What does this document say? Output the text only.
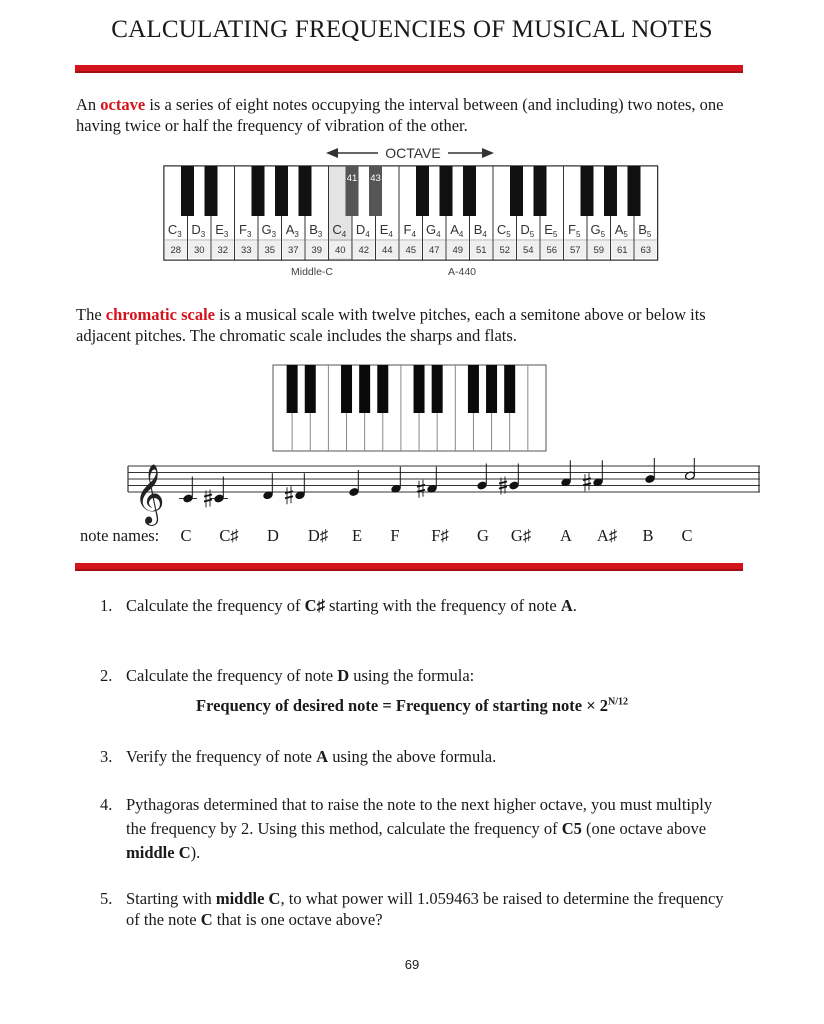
CALCULATING FREQUENCIES OF MUSICAL NOTES
An octave is a series of eight notes occupying the interval between (and including) two notes, one having twice or half the frequency of vibration of the other.
OCTAVE
$C_3$
28
$D_3$
30
$E_3$
32
$F_3$
33
$G_3$
35
$A_3$
37
$B_3$
39
$C_4$
40
$D_4$
42
$E_4$
44
$F_4$
45
$G_4$
47
$A_4$
49
$B_4$
51
$C_5$
52
$D_5$
54
$E_5$
56
$F_5$
57
$G_5$
59
$A_5$
61
$B_5$
63
41 43
Middle-C	A-440
The chromatic scale is a musical scale with twelve pitches, each a semitone above or below its adjacent pitches. The chromatic scale includes the sharps and flats.
𝄞
note names: C C♯ D D♯ E F F♯ G G♯ A A♯ B C
1. Calculate the frequency of C♯ starting with the frequency of note A.
2. Calculate the frequency of note D using the formula:
3. Verify the frequency of note A using the above formula.
4. Pythagoras determined that to raise the note to the next higher octave, you must multiply the frequency by 2. Using this method, calculate the frequency of C5 (one octave above middle C).
5. Starting with middle C, to what power will 1.059463 be raised to determine the frequency of the note C that is one octave above?
Frequency of desired note = Frequency of starting note × $2^{N/12}$
69
